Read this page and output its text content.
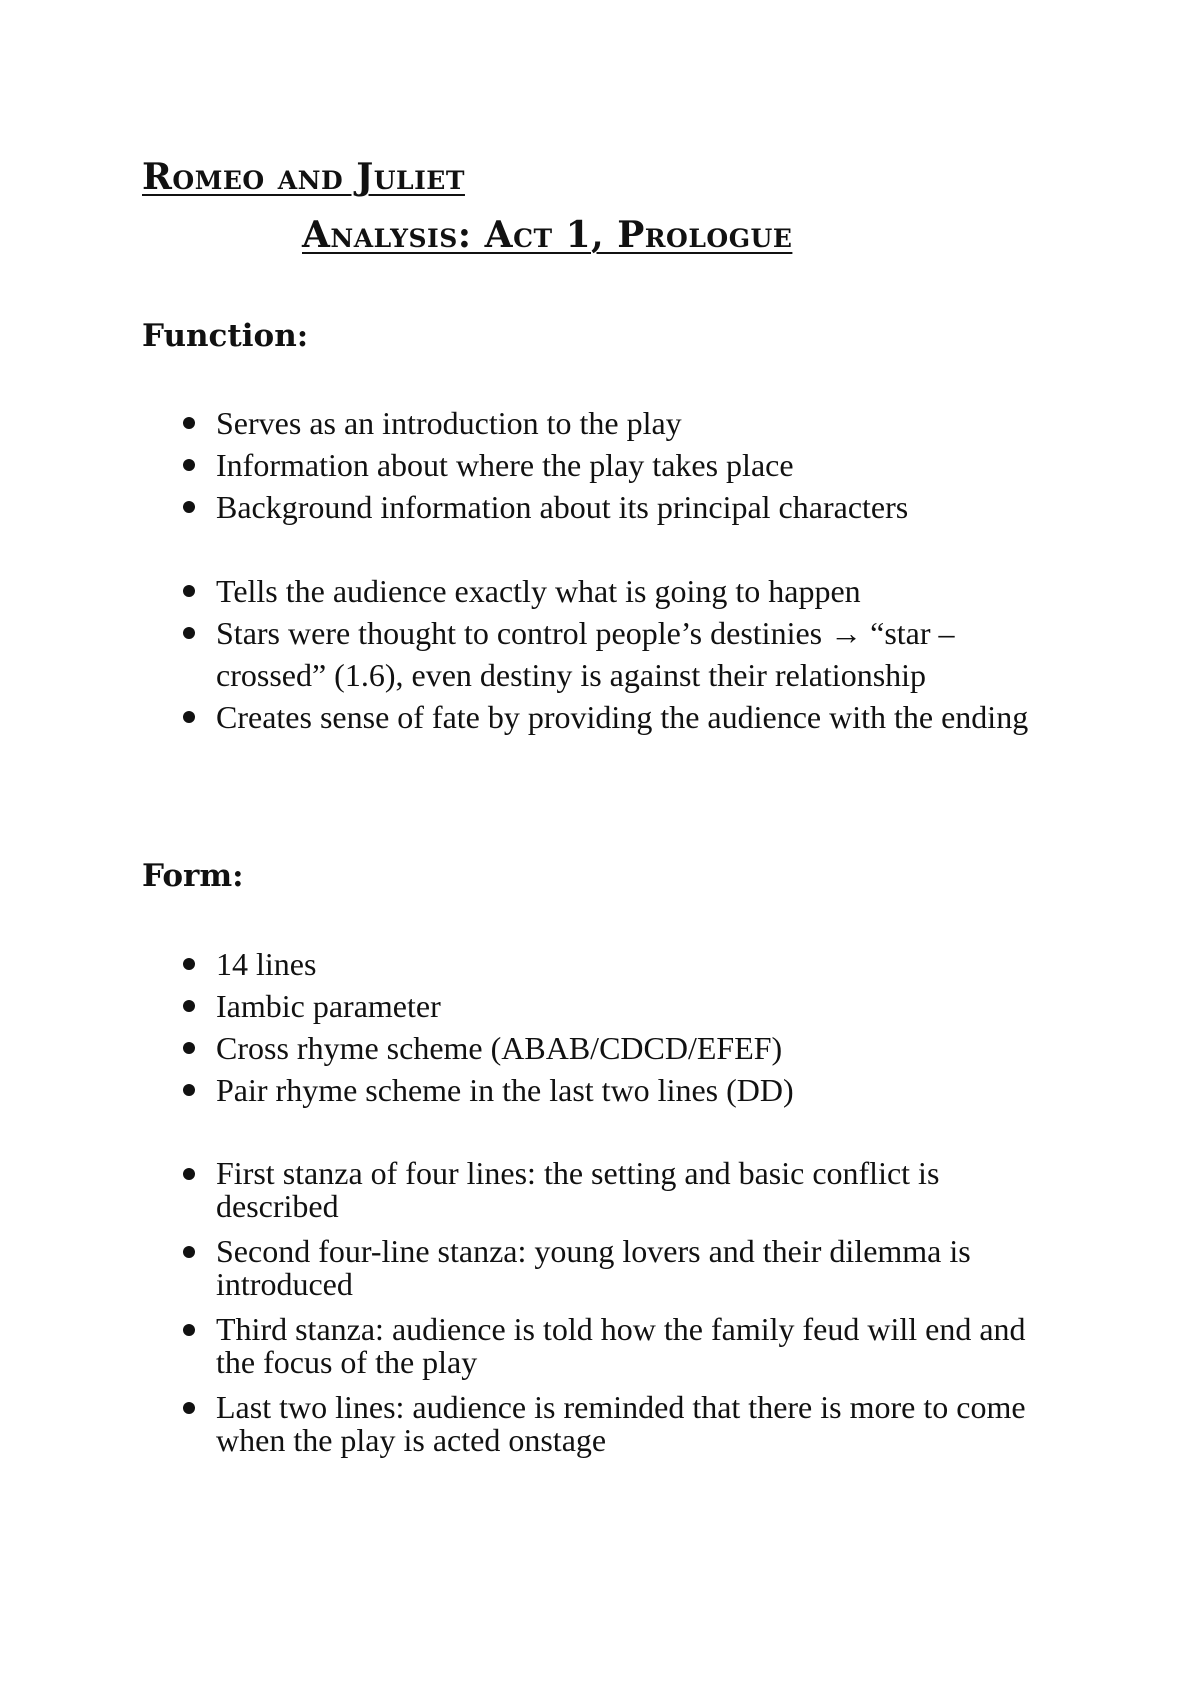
Romeo and Juliet
Analysis: Act 1, Prologue
Function:
Serves as an introduction to the play
Information about where the play takes place
Background information about its principal characters
Tells the audience exactly what is going to happen
Stars were thought to control people’s destinies → “star – crossed” (1.6), even destiny is against their relationship
Creates sense of fate by providing the audience with the ending
Form:
14 lines
Iambic parameter
Cross rhyme scheme (ABAB/CDCD/EFEF)
Pair rhyme scheme in the last two lines (DD)
First stanza of four lines: the setting and basic conflict is described
Second four-line stanza: young lovers and their dilemma is introduced
Third stanza: audience is told how the family feud will end and the focus of the play
Last two lines: audience is reminded that there is more to come when the play is acted onstage
